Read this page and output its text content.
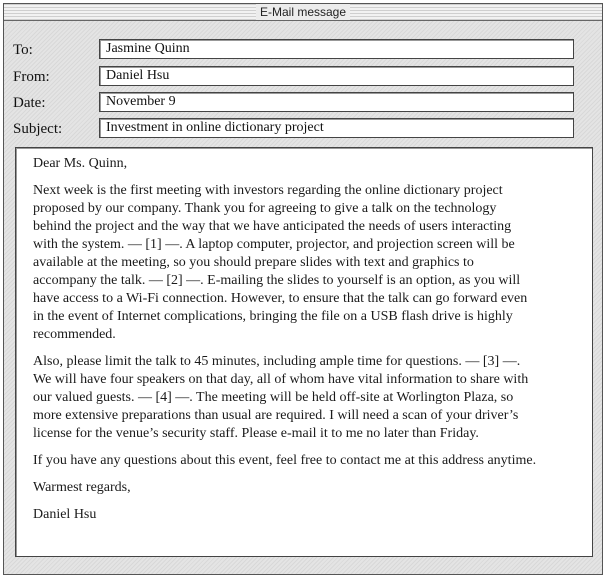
E-Mail message
To:	Jasmine Quinn
From:	Daniel Hsu
Date:	November 9
Subject:	Investment in online dictionary project

Dear Ms. Quinn,

Next week is the first meeting with investors regarding the online dictionary project
proposed by our company. Thank you for agreeing to give a talk on the technology
behind the project and the way that we have anticipated the needs of users interacting
with the system. — [1] —. A laptop computer, projector, and projection screen will be
available at the meeting, so you should prepare slides with text and graphics to
accompany the talk. — [2] —. E-mailing the slides to yourself is an option, as you will
have access to a Wi-Fi connection. However, to ensure that the talk can go forward even
in the event of Internet complications, bringing the file on a USB flash drive is highly
recommended.

Also, please limit the talk to 45 minutes, including ample time for questions. — [3] —.
We will have four speakers on that day, all of whom have vital information to share with
our valued guests. — [4] —. The meeting will be held off-site at Worlington Plaza, so
more extensive preparations than usual are required. I will need a scan of your driver’s
license for the venue’s security staff. Please e-mail it to me no later than Friday.

If you have any questions about this event, feel free to contact me at this address anytime.

Warmest regards,

Daniel Hsu
